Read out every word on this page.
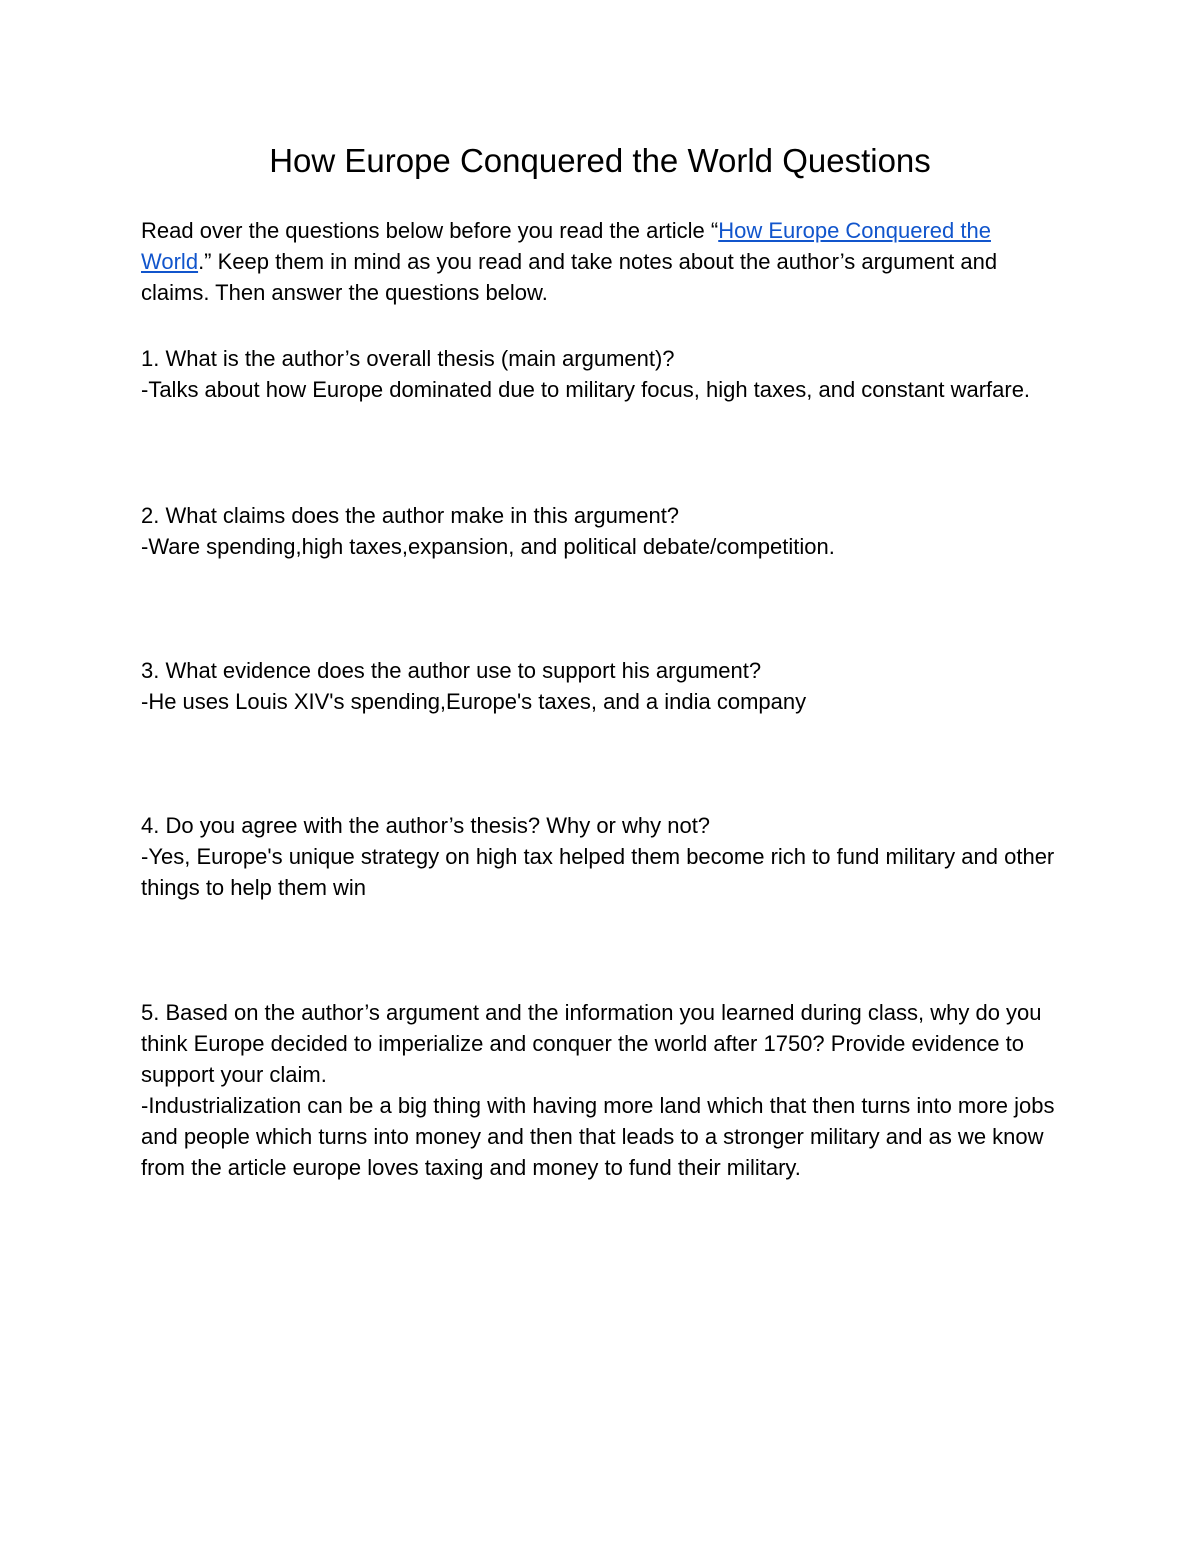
How Europe Conquered the World Questions

Read over the questions below before you read the article “How Europe Conquered the World.” Keep them in mind as you read and take notes about the author’s argument and claims. Then answer the questions below.

1. What is the author’s overall thesis (main argument)?
-Talks about how Europe dominated due to military focus, high taxes, and constant warfare.
2. What claims does the author make in this argument?
-Ware spending,high taxes,expansion, and political debate/competition.
3. What evidence does the author use to support his argument?
-He uses Louis XIV's spending,Europe's taxes, and a india company
4. Do you agree with the author’s thesis? Why or why not?
-Yes, Europe's unique strategy on high tax helped them become rich to fund military and other things to help them win
5. Based on the author’s argument and the information you learned during class, why do you think Europe decided to imperialize and conquer the world after 1750? Provide evidence to support your claim.
-Industrialization can be a big thing with having more land which that then turns into more jobs and people which turns into money and then that leads to a stronger military and as we know from the article europe loves taxing and money to fund their military.
